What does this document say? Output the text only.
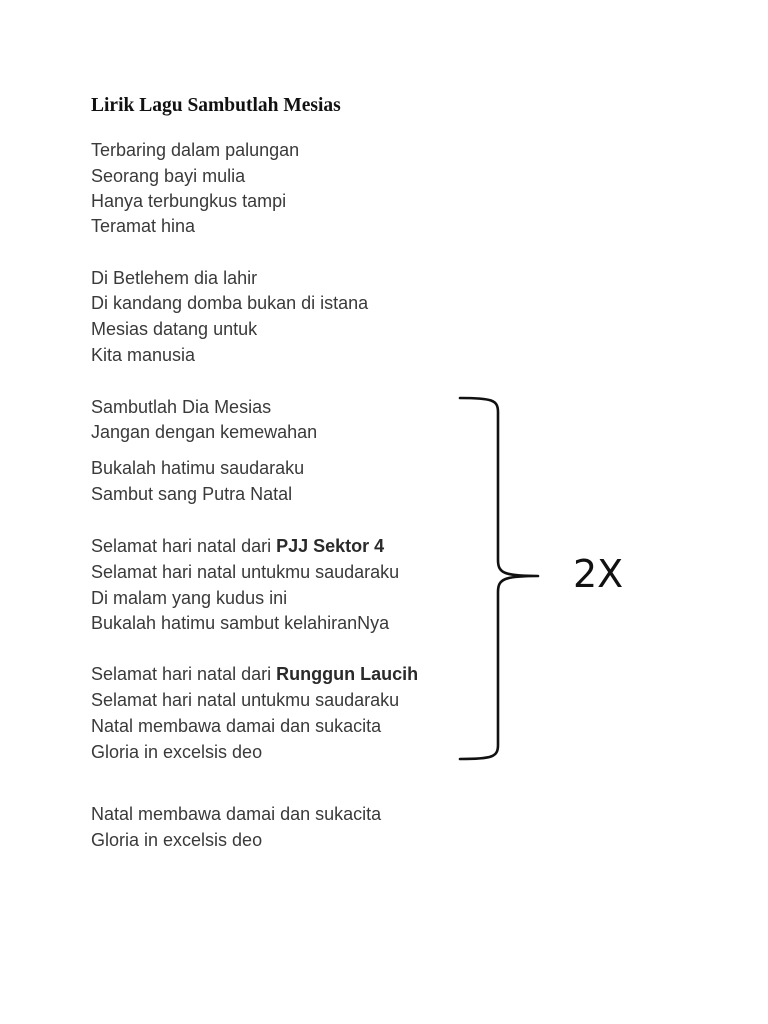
Lirik Lagu Sambutlah Mesias
Terbaring dalam palungan
Seorang bayi mulia
Hanya terbungkus tampi
Teramat hina
Di Betlehem dia lahir
Di kandang domba bukan di istana
Mesias datang untuk
Kita manusia
Sambutlah Dia Mesias
Jangan dengan kemewahan
Bukalah hatimu saudaraku
Sambut sang Putra Natal
Selamat hari natal dari PJJ Sektor 4
Selamat hari natal untukmu saudaraku
Di malam yang kudus ini
Bukalah hatimu sambut kelahiranNya
Selamat hari natal dari Runggun Laucih
Selamat hari natal untukmu saudaraku
Natal membawa damai dan sukacita
Gloria in excelsis deo
Natal membawa damai dan sukacita
Gloria in excelsis deo
2X
